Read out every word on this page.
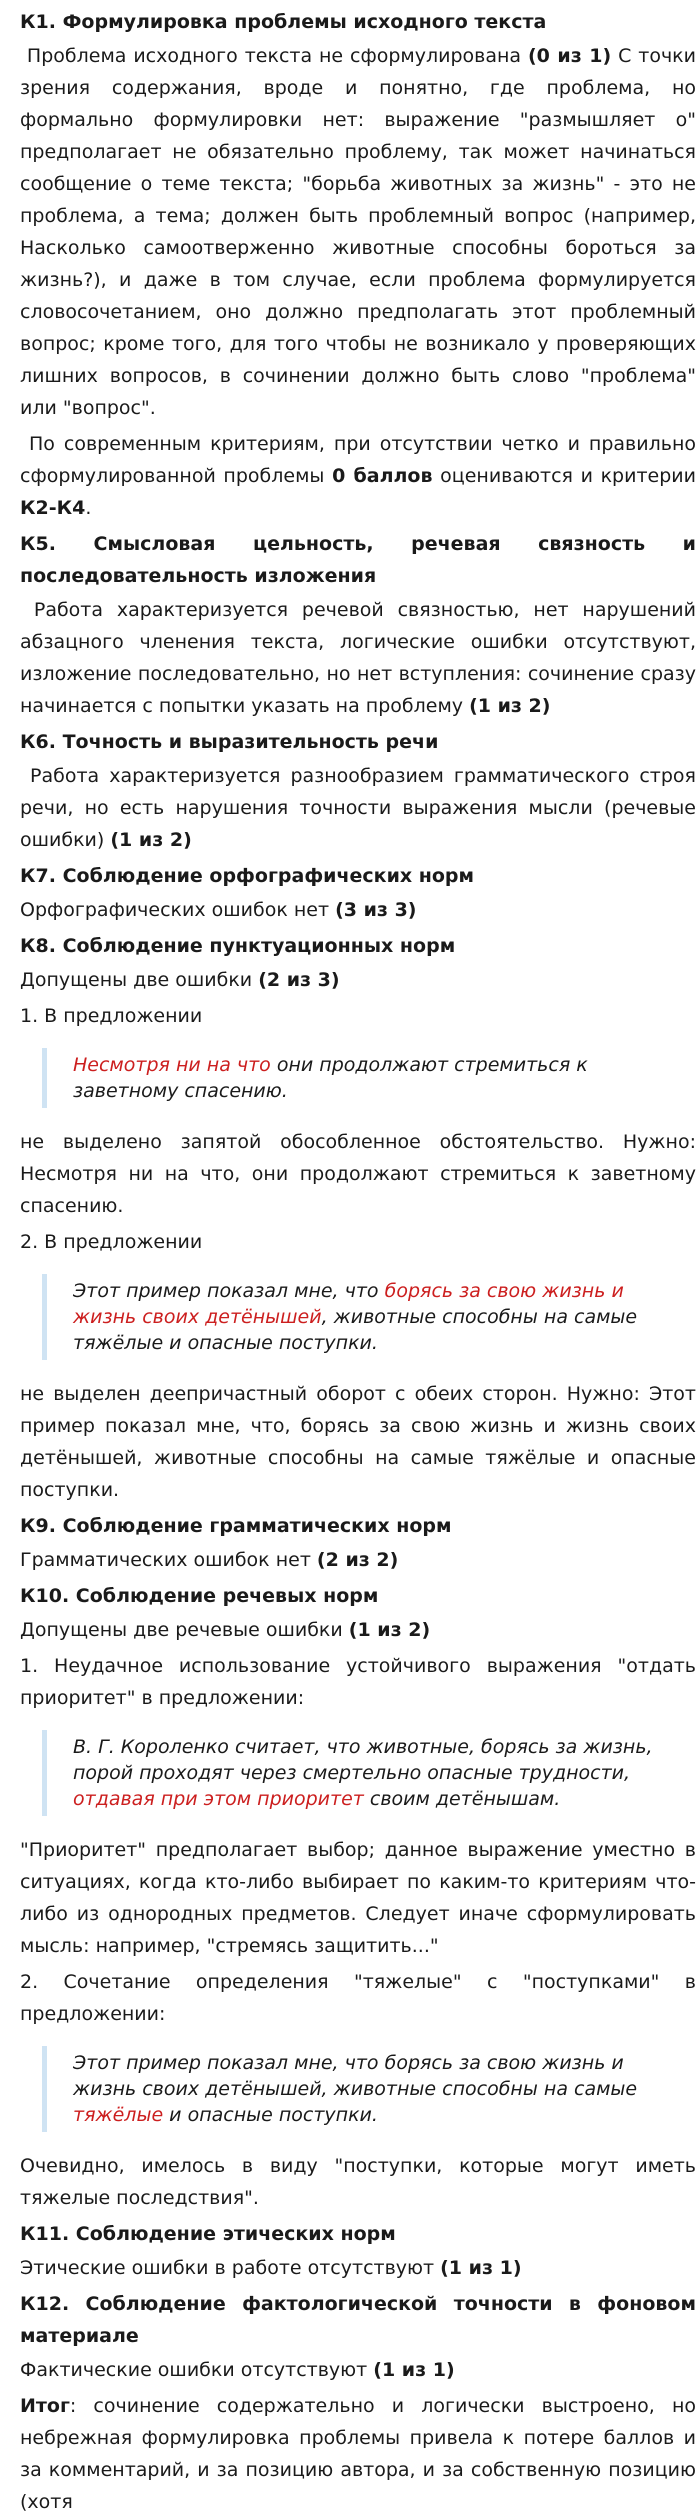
К1. Формулировка проблемы исходного текста
Проблема исходного текста не сформулирована (0 из 1) С точки зрения содержания, вроде и понятно, где проблема, но формально формулировки нет: выражение "размышляет о" предполагает не обязательно проблему, так может начинаться сообщение о теме текста; "борьба животных за жизнь" - это не проблема, а тема; должен быть проблемный вопрос (например, Насколько самоотверженно животные способны бороться за жизнь?), и даже в том случае, если проблема формулируется словосочетанием, оно должно предполагать этот проблемный вопрос; кроме того, для того чтобы не возникало у проверяющих лишних вопросов, в сочинении должно быть слово "проблема" или "вопрос".
По современным критериям, при отсутствии четко и правильно сформулированной проблемы 0 баллов оцениваются и критерии К2-К4.
К5. Смысловая цельность, речевая связность и последовательность изложения
Работа характеризуется речевой связностью, нет нарушений абзацного членения текста, логические ошибки отсутствуют, изложение последовательно, но нет вступления: сочинение сразу начинается с попытки указать на проблему (1 из 2)
К6. Точность и выразительность речи
Работа характеризуется разнообразием грамматического строя речи, но есть нарушения точности выражения мысли (речевые ошибки) (1 из 2)
К7. Соблюдение орфографических норм
Орфографических ошибок нет (3 из 3)
К8. Соблюдение пунктуационных норм
Допущены две ошибки (2 из 3)
1. В предложении
Несмотря ни на что они продолжают стремиться к заветному спасению.
не выделено запятой обособленное обстоятельство. Нужно: Несмотря ни на что, они продолжают стремиться к заветному спасению.
2. В предложении
Этот пример показал мне, что борясь за свою жизнь и жизнь своих детёнышей, животные способны на самые тяжёлые и опасные поступки.
не выделен деепричастный оборот с обеих сторон. Нужно: Этот пример показал мне, что, борясь за свою жизнь и жизнь своих детёнышей, животные способны на самые тяжёлые и опасные поступки.
К9. Соблюдение грамматических норм
Грамматических ошибок нет (2 из 2)
К10. Соблюдение речевых норм
Допущены две речевые ошибки (1 из 2)
1. Неудачное использование устойчивого выражения "отдать приоритет" в предложении:
В. Г. Короленко считает, что животные, борясь за жизнь, порой проходят через смертельно опасные трудности, отдавая при этом приоритет своим детёнышам.
"Приоритет" предполагает выбор; данное выражение уместно в ситуациях, когда кто-либо выбирает по каким-то критериям что-либо из однородных предметов. Следует иначе сформулировать мысль: например, "стремясь защитить..."
2. Сочетание определения "тяжелые" с "поступками" в предложении:
Этот пример показал мне, что борясь за свою жизнь и жизнь своих детёнышей, животные способны на самые тяжёлые и опасные поступки.
Очевидно, имелось в виду "поступки, которые могут иметь тяжелые последствия".
К11. Соблюдение этических норм
Этические ошибки в работе отсутствуют (1 из 1)
К12. Соблюдение фактологической точности в фоновом материале
Фактические ошибки отсутствуют (1 из 1)
Итог: сочинение содержательно и логически выстроено, но небрежная формулировка проблемы привела к потере баллов и за комментарий, и за позицию автора, и за собственную позицию (хотя
